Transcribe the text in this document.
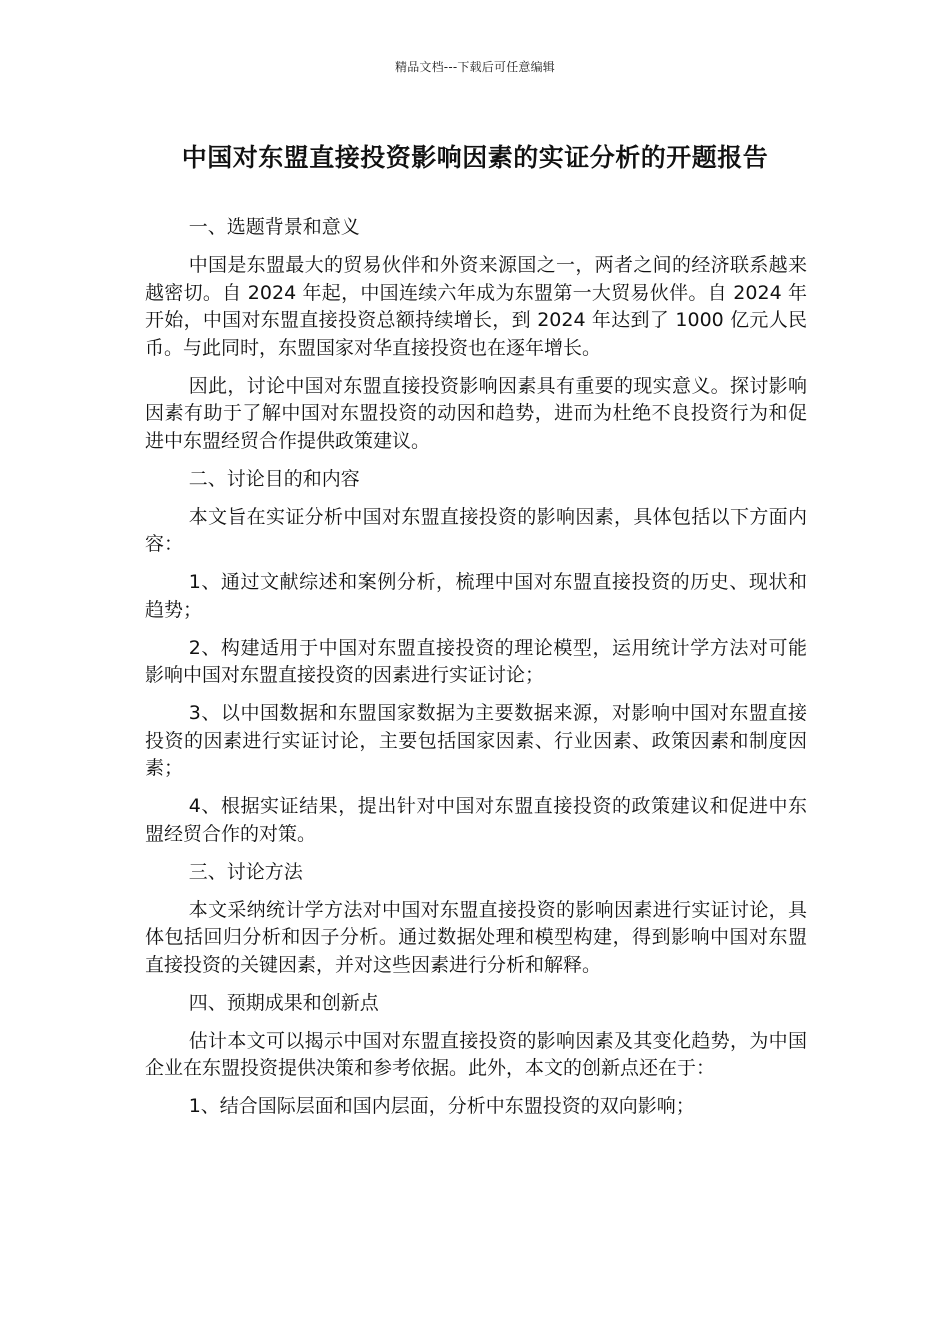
精品文档---下载后可任意编辑
中国对东盟直接投资影响因素的实证分析的开题报告

一、选题背景和意义

中国是东盟最大的贸易伙伴和外资来源国之一，两者之间的经济联系越来越密切。自 2024 年起，中国连续六年成为东盟第一大贸易伙伴。自 2024 年开始，中国对东盟直接投资总额持续增长，到 2024 年达到了 1000 亿元人民币。与此同时，东盟国家对华直接投资也在逐年增长。

因此，讨论中国对东盟直接投资影响因素具有重要的现实意义。探讨影响因素有助于了解中国对东盟投资的动因和趋势，进而为杜绝不良投资行为和促进中东盟经贸合作提供政策建议。

二、讨论目的和内容

本文旨在实证分析中国对东盟直接投资的影响因素，具体包括以下方面内容：

1、通过文献综述和案例分析，梳理中国对东盟直接投资的历史、现状和趋势；

2、构建适用于中国对东盟直接投资的理论模型，运用统计学方法对可能影响中国对东盟直接投资的因素进行实证讨论；

3、以中国数据和东盟国家数据为主要数据来源，对影响中国对东盟直接投资的因素进行实证讨论，主要包括国家因素、行业因素、政策因素和制度因素；

4、根据实证结果，提出针对中国对东盟直接投资的政策建议和促进中东盟经贸合作的对策。

三、讨论方法

本文采纳统计学方法对中国对东盟直接投资的影响因素进行实证讨论，具体包括回归分析和因子分析。通过数据处理和模型构建，得到影响中国对东盟直接投资的关键因素，并对这些因素进行分析和解释。

四、预期成果和创新点

估计本文可以揭示中国对东盟直接投资的影响因素及其变化趋势，为中国企业在东盟投资提供决策和参考依据。此外，本文的创新点还在于：

1、结合国际层面和国内层面，分析中东盟投资的双向影响；
